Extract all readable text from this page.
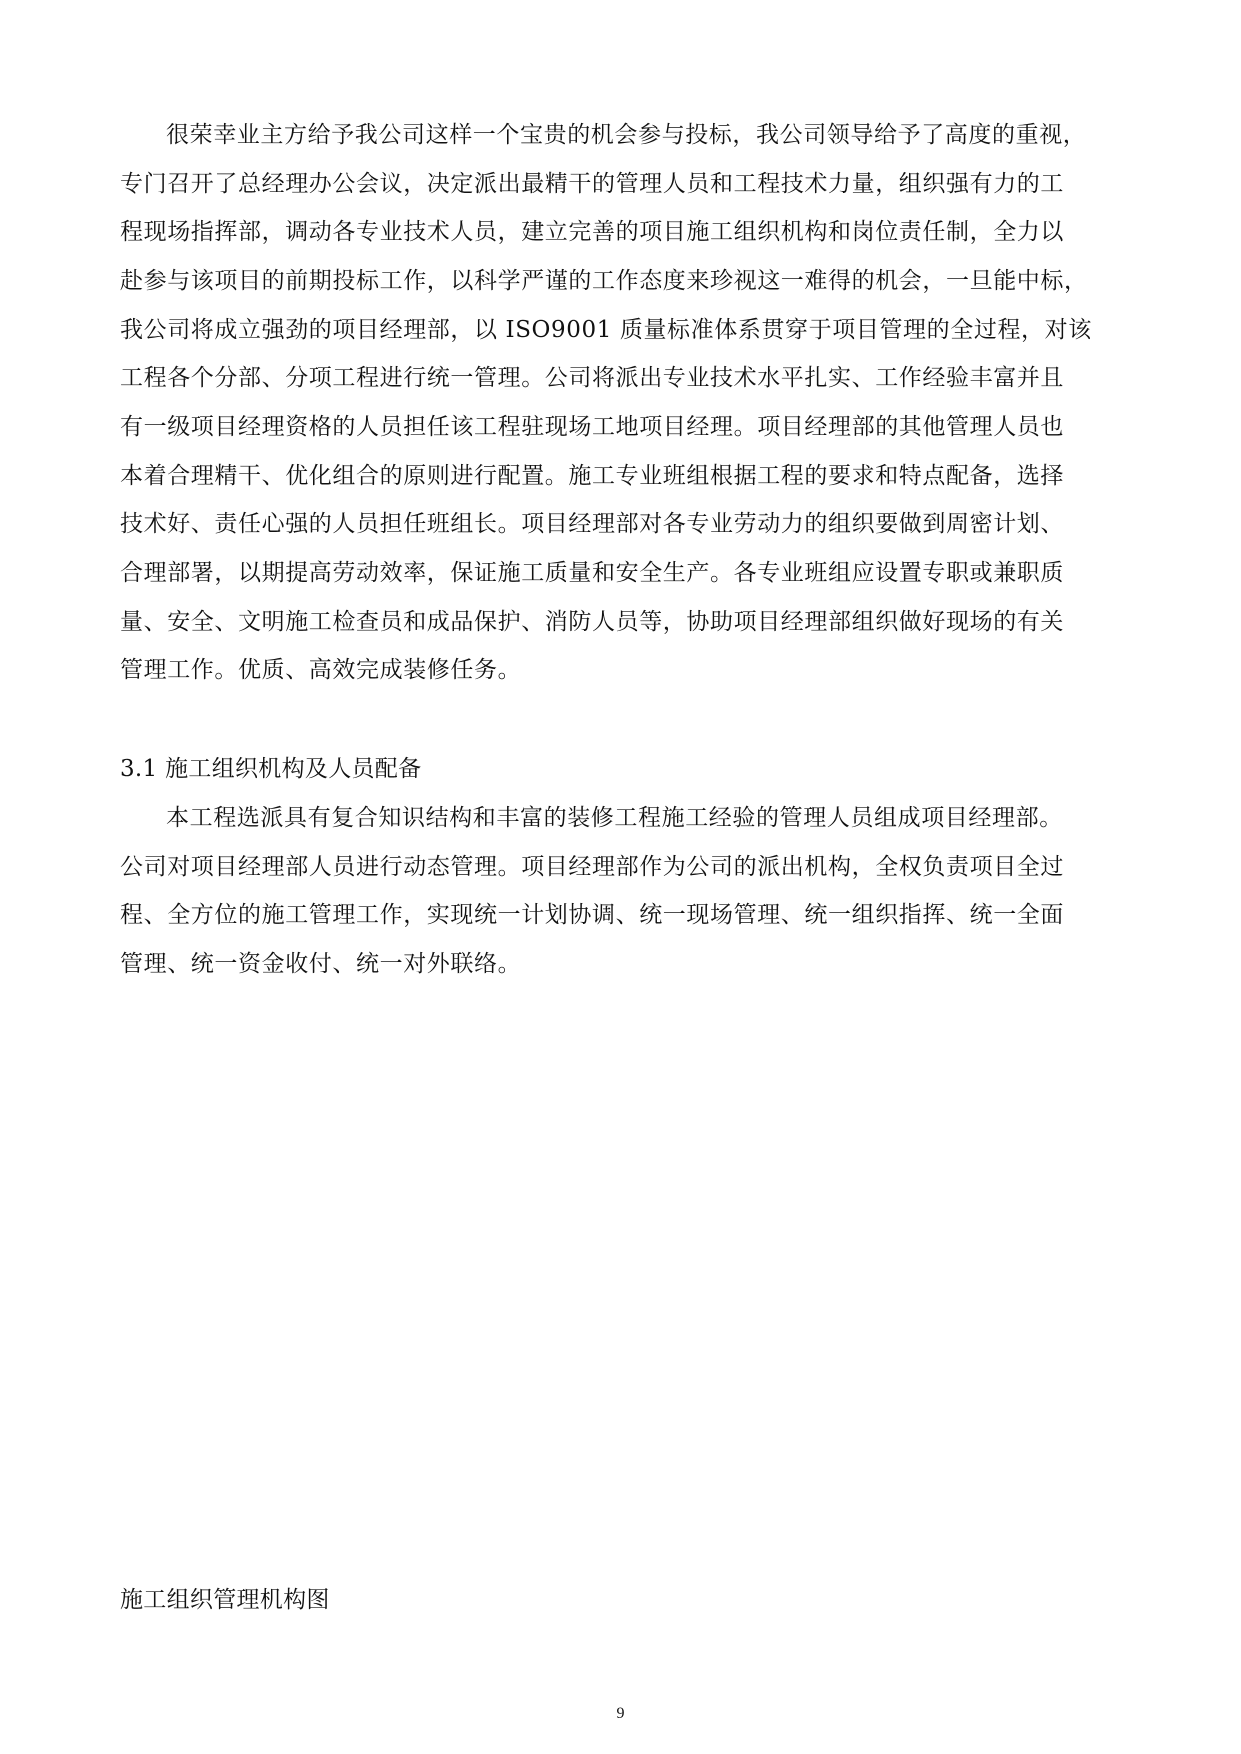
很荣幸业主方给予我公司这样一个宝贵的机会参与投标，我公司领导给予了高度的重视，
专门召开了总经理办公会议，决定派出最精干的管理人员和工程技术力量，组织强有力的工
程现场指挥部，调动各专业技术人员，建立完善的项目施工组织机构和岗位责任制，全力以
赴参与该项目的前期投标工作，以科学严谨的工作态度来珍视这一难得的机会，一旦能中标，
我公司将成立强劲的项目经理部，以 ISO9001 质量标准体系贯穿于项目管理的全过程，对该
工程各个分部、分项工程进行统一管理。公司将派出专业技术水平扎实、工作经验丰富并且
有一级项目经理资格的人员担任该工程驻现场工地项目经理。项目经理部的其他管理人员也
本着合理精干、优化组合的原则进行配置。施工专业班组根据工程的要求和特点配备，选择
技术好、责任心强的人员担任班组长。项目经理部对各专业劳动力的组织要做到周密计划、
合理部署，以期提高劳动效率，保证施工质量和安全生产。各专业班组应设置专职或兼职质
量、安全、文明施工检查员和成品保护、消防人员等，协助项目经理部组织做好现场的有关
管理工作。优质、高效完成装修任务。
3.1 施工组织机构及人员配备
本工程选派具有复合知识结构和丰富的装修工程施工经验的管理人员组成项目经理部。
公司对项目经理部人员进行动态管理。项目经理部作为公司的派出机构，全权负责项目全过
程、全方位的施工管理工作，实现统一计划协调、统一现场管理、统一组织指挥、统一全面
管理、统一资金收付、统一对外联络。
施工组织管理机构图
9
